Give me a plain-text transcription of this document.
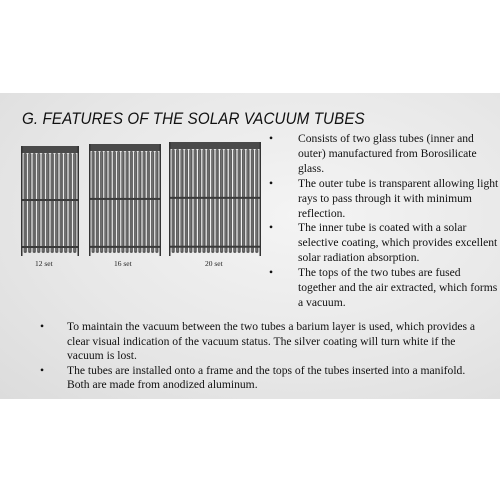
G. FEATURES OF THE SOLAR VACUUM TUBES
12 set	16 set	20 set
• Consists of two glass tubes (inner and outer) manufactured from Borosilicate glass.
• The outer tube is transparent allowing light rays to pass through it with minimum reflection.
• The inner tube is coated with a solar selective coating, which provides excellent solar radiation absorption.
• The tops of the two tubes are fused together and the air extracted, which forms a vacuum.
• To maintain the vacuum between the two tubes a barium layer is used, which provides a clear visual indication of the vacuum status. The silver coating will turn white if the vacuum is lost.
• The tubes are installed onto a frame and the tops of the tubes inserted into a manifold. Both are made from anodized aluminum.
